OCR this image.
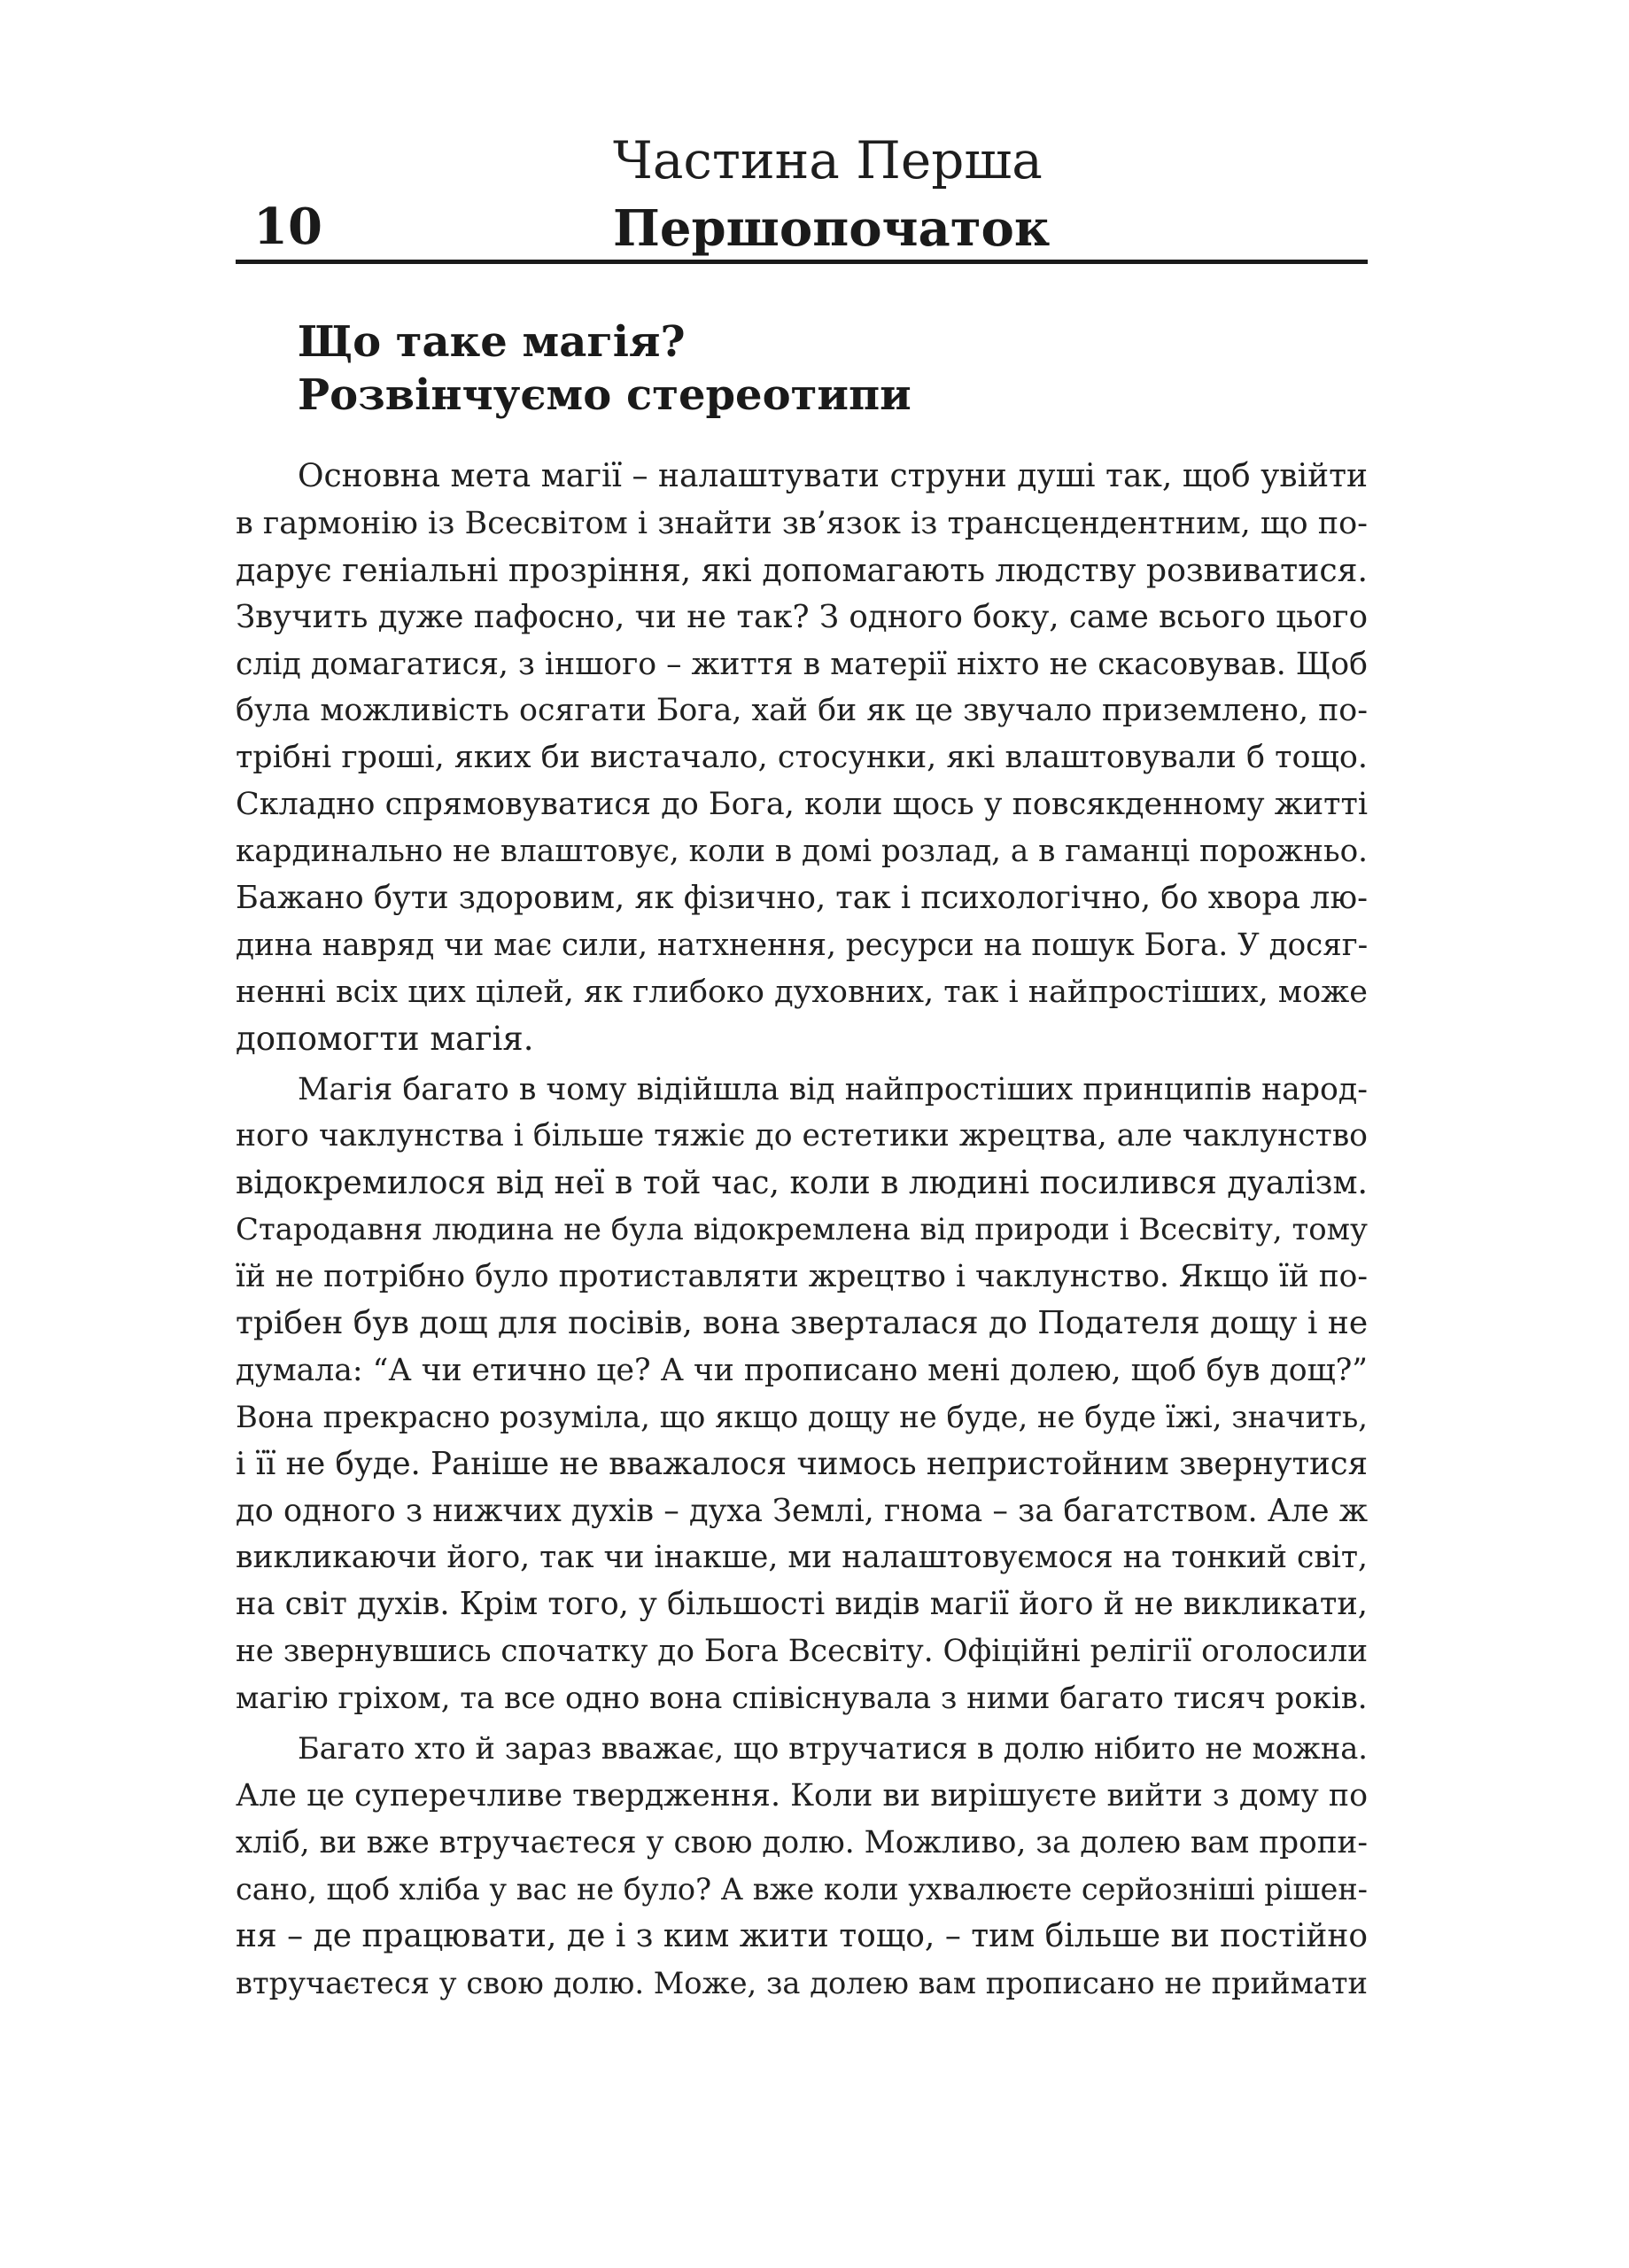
10
Частина Перша
Першопочаток
Що таке магія?
Розвінчуємо стереотипи
Основна мета магії – налаштувати струни душі так, щоб увійти
в гармонію із Всесвітом і знайти зв’язок із трансцендентним, що по-
дарує геніальні прозріння, які допомагають людству розвиватися.
Звучить дуже пафосно, чи не так? З одного боку, саме всього цього
слід домагатися, з іншого – життя в матерії ніхто не скасовував. Щоб
була можливість осягати Бога, хай би як це звучало приземлено, по-
трібні гроші, яких би вистачало, стосунки, які влаштовували б тощо.
Складно спрямовуватися до Бога, коли щось у повсякденному житті
кардинально не влаштовує, коли в домі розлад, а в гаманці порожньо.
Бажано бути здоровим, як фізично, так і психологічно, бо хвора лю-
дина навряд чи має сили, натхнення, ресурси на пошук Бога. У досяг-
ненні всіх цих цілей, як глибоко духовних, так і найпростіших, може
допомогти магія.
Магія багато в чому відійшла від найпростіших принципів народ-
ного чаклунства і більше тяжіє до естетики жрецтва, але чаклунство
відокремилося від неї в той час, коли в людині посилився дуалізм.
Стародавня людина не була відокремлена від природи і Всесвіту, тому
їй не потрібно було протиставляти жрецтво і чаклунство. Якщо їй по-
трібен був дощ для посівів, вона зверталася до Подателя дощу і не
думала: “А чи етично це? А чи прописано мені долею, щоб був дощ?”
Вона прекрасно розуміла, що якщо дощу не буде, не буде їжі, значить,
і її не буде. Раніше не вважалося чимось непристойним звернутися
до одного з нижчих духів – духа Землі, гнома – за багатством. Але ж
викликаючи його, так чи інакше, ми налаштовуємося на тонкий світ,
на світ духів. Крім того, у більшості видів магії його й не викликати,
не звернувшись спочатку до Бога Всесвіту. Офіційні релігії оголосили
магію гріхом, та все одно вона співіснувала з ними багато тисяч років.
Багато хто й зараз вважає, що втручатися в долю нібито не можна.
Але це суперечливе твердження. Коли ви вирішуєте вийти з дому по
хліб, ви вже втручаєтеся у свою долю. Можливо, за долею вам пропи-
сано, щоб хліба у вас не було? А вже коли ухвалюєте серйозніші рішен-
ня – де працювати, де і з ким жити тощо, – тим більше ви постійно
втручаєтеся у свою долю. Може, за долею вам прописано не приймати
